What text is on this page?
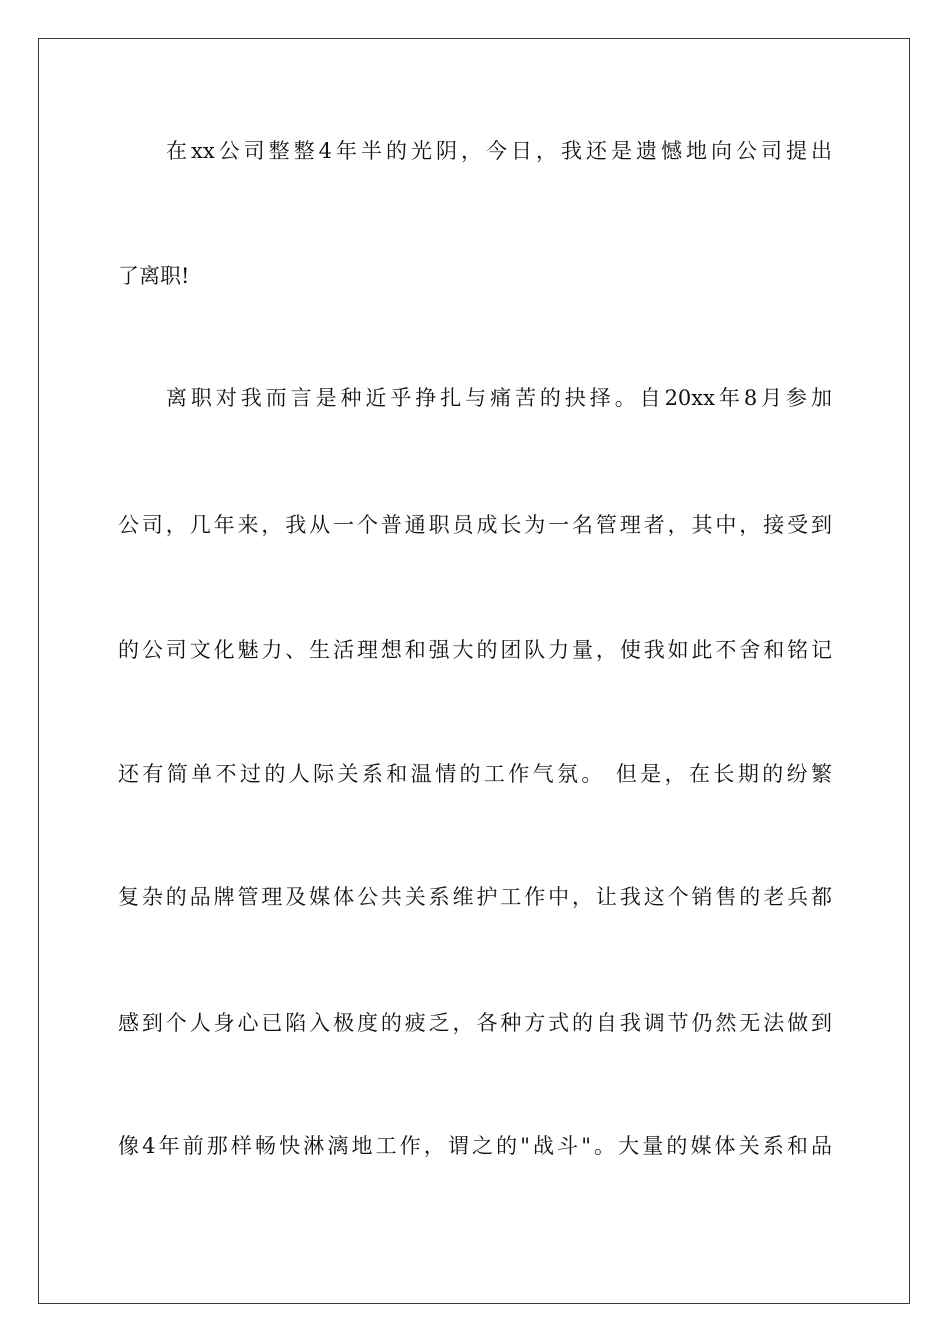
在xx公司整整4年半的光阴，今日，我还是遗憾地向公司提出
了离职!
离职对我而言是种近乎挣扎与痛苦的抉择。自20xx年8月参加
公司，几年来，我从一个普通职员成长为一名管理者，其中，接受到
的公司文化魅力、生活理想和强大的团队力量，使我如此不舍和铭记
还有简单不过的人际关系和温情的工作气氛。 但是，在长期的纷繁
复杂的品牌管理及媒体公共关系维护工作中，让我这个销售的老兵都
感到个人身心已陷入极度的疲乏，各种方式的自我调节仍然无法做到
像4年前那样畅快淋漓地工作，谓之的"战斗"。大量的媒体关系和品
